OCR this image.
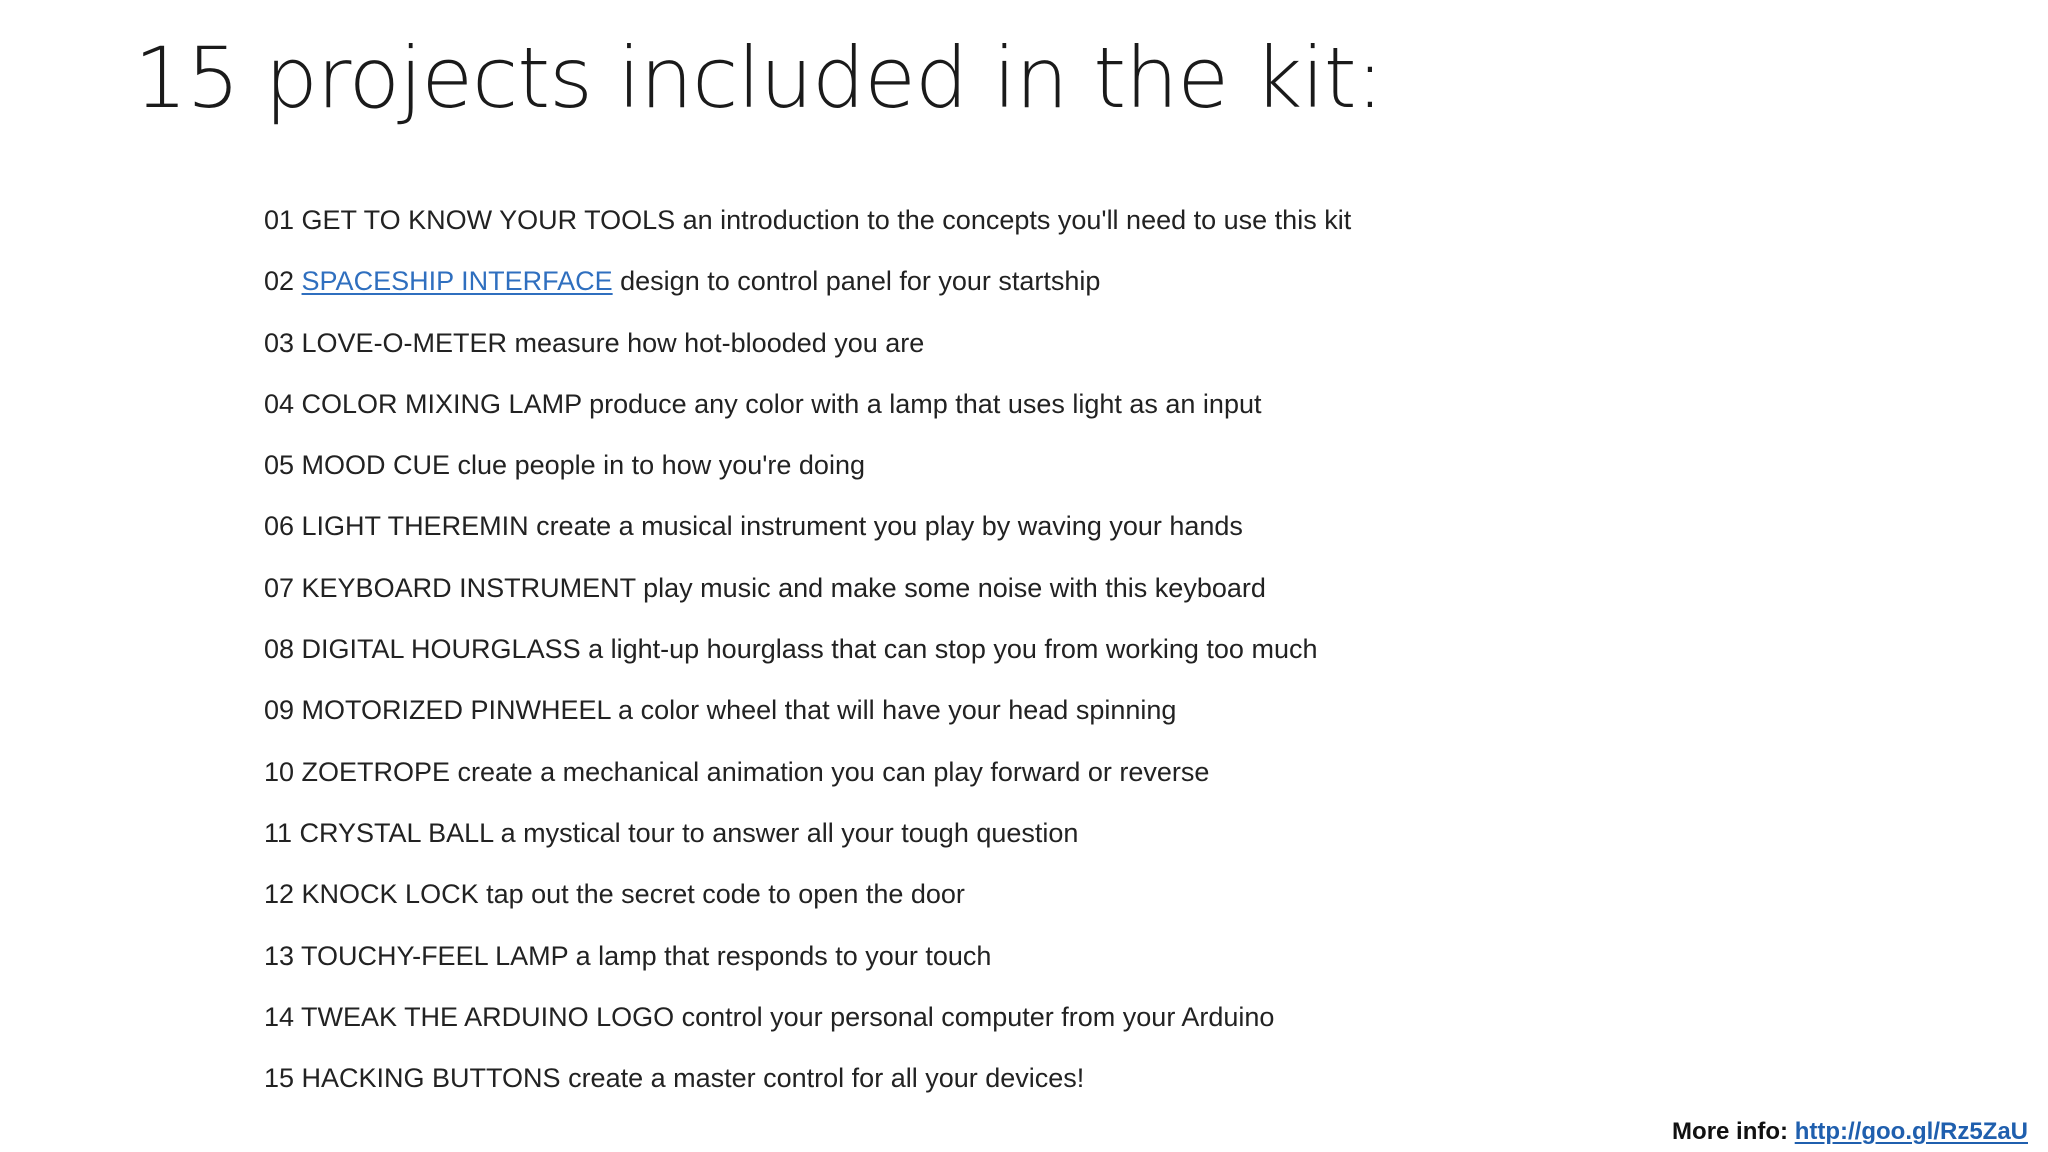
15 projects included in the kit:
01 GET TO KNOW YOUR TOOLS an introduction to the concepts you'll need to use this kit
02 SPACESHIP INTERFACE design to control panel for your startship
03 LOVE-O-METER measure how hot-blooded you are
04 COLOR MIXING LAMP produce any color with a lamp that uses light as an input
05 MOOD CUE clue people in to how you're doing
06 LIGHT THEREMIN create a musical instrument you play by waving your hands
07 KEYBOARD INSTRUMENT play music and make some noise with this keyboard
08 DIGITAL HOURGLASS a light-up hourglass that can stop you from working too much
09 MOTORIZED PINWHEEL a color wheel that will have your head spinning
10 ZOETROPE create a mechanical animation you can play forward or reverse
11 CRYSTAL BALL a mystical tour to answer all your tough question
12 KNOCK LOCK tap out the secret code to open the door
13 TOUCHY-FEEL LAMP a lamp that responds to your touch
14 TWEAK THE ARDUINO LOGO control your personal computer from your Arduino
15 HACKING BUTTONS create a master control for all your devices!
More info: http://goo.gl/Rz5ZaU
